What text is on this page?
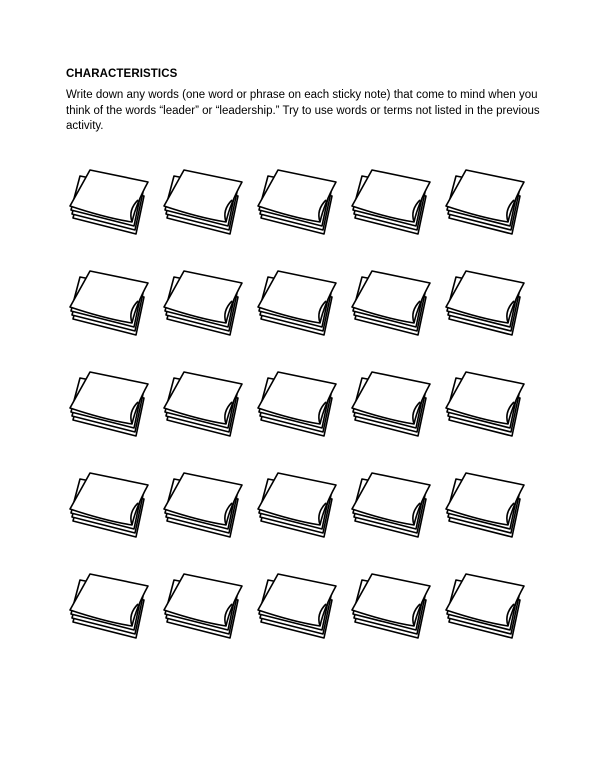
CHARACTERISTICS

Write down any words (one word or phrase on each sticky note) that come to mind when you think of the words “leader” or “leadership.” Try to use words or terms not listed in the previous activity.
